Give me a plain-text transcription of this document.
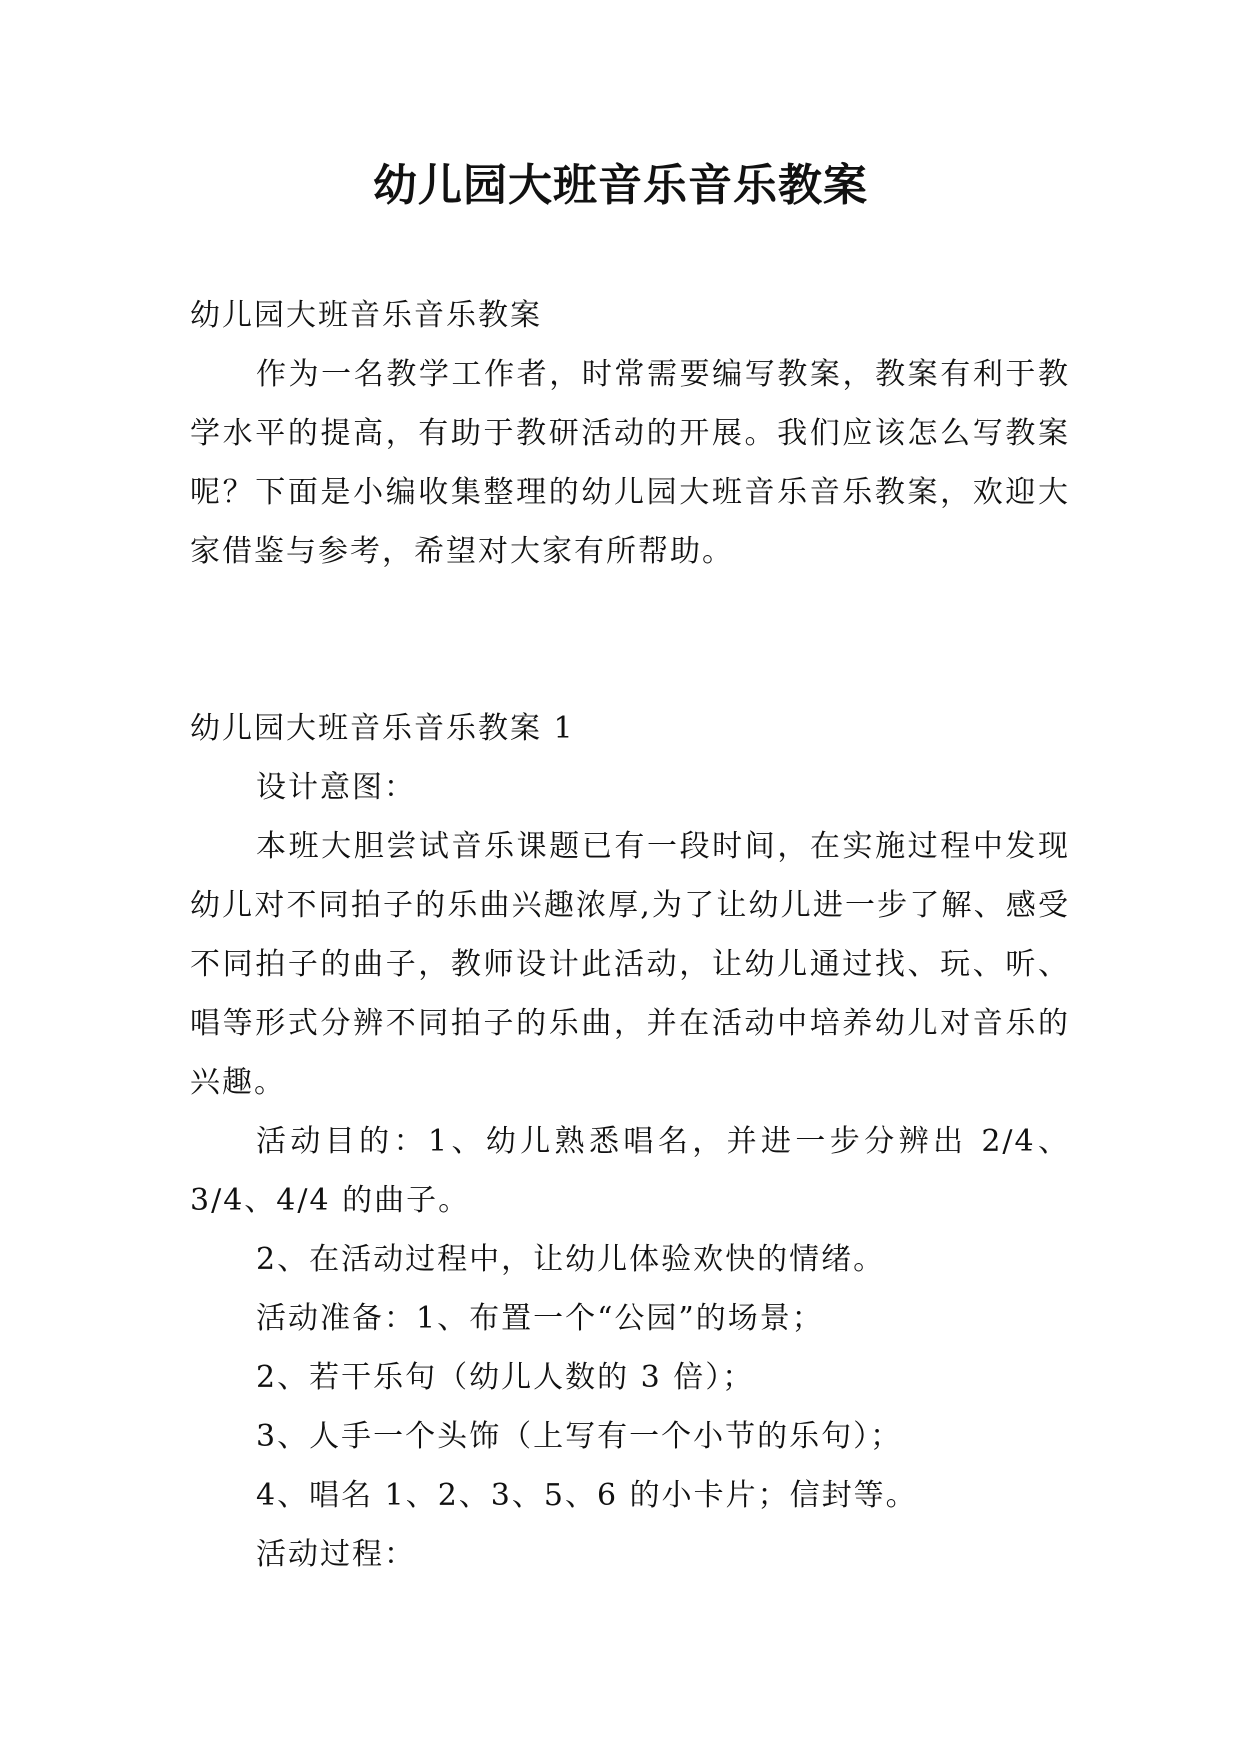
幼儿园大班音乐音乐教案

幼儿园大班音乐音乐教案

作为一名教学工作者，时常需要编写教案，教案有利于教学水平的提高，有助于教研活动的开展。我们应该怎么写教案呢？下面是小编收集整理的幼儿园大班音乐音乐教案，欢迎大家借鉴与参考，希望对大家有所帮助。

幼儿园大班音乐音乐教案 1

设计意图：

本班大胆尝试音乐课题已有一段时间，在实施过程中发现幼儿对不同拍子的乐曲兴趣浓厚,为了让幼儿进一步了解、感受不同拍子的曲子，教师设计此活动，让幼儿通过找、玩、听、唱等形式分辨不同拍子的乐曲，并在活动中培养幼儿对音乐的兴趣。

活动目的：1、幼儿熟悉唱名，并进一步分辨出 2/4、3/4、4/4 的曲子。

2、在活动过程中，让幼儿体验欢快的情绪。

活动准备：1、布置一个“公园”的场景；

2、若干乐句（幼儿人数的 3 倍）；

3、人手一个头饰（上写有一个小节的乐句）；

4、唱名 1、2、3、5、6 的小卡片；信封等。

活动过程：
